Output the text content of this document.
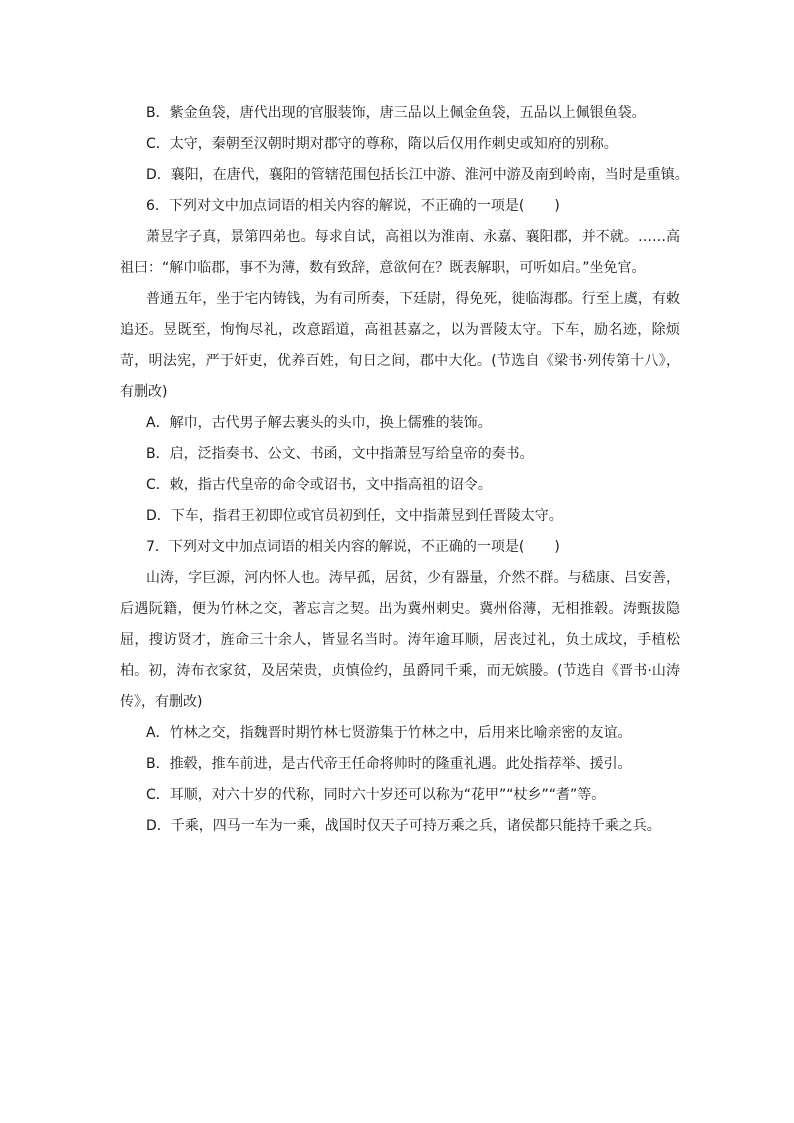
B．紫金鱼袋，唐代出现的官服装饰，唐三品以上佩金鱼袋，五品以上佩银鱼袋。
C．太守，秦朝至汉朝时期对郡守的尊称，隋以后仅用作刺史或知府的别称。
D．襄阳，在唐代，襄阳的管辖范围包括长江中游、淮河中游及南到岭南，当时是重镇。
6．下列对文中加点词语的相关内容的解说，不正确的一项是( )

萧昱字子真，景第四弟也。每求自试，高祖以为淮南、永嘉、襄阳郡，并不就。……高祖曰：“解巾临郡，事不为薄，数有致辞，意欲何在？既表解职，可听如启。”坐免官。

普通五年，坐于宅内铸钱，为有司所奏，下廷尉，得免死，徙临海郡。行至上虞，有敕追还。昱既至，恂恂尽礼，改意蹈道，高祖甚嘉之，以为晋陵太守。下车，励名迹，除烦苛，明法宪，严于奸吏，优养百姓，旬日之间，郡中大化。(节选自《梁书·列传第十八》，有删改)

A．解巾，古代男子解去裹头的头巾，换上儒雅的装饰。
B．启，泛指奏书、公文、书函，文中指萧昱写给皇帝的奏书。
C．敕，指古代皇帝的命令或诏书，文中指高祖的诏令。
D．下车，指君王初即位或官员初到任，文中指萧昱到任晋陵太守。
7．下列对文中加点词语的相关内容的解说，不正确的一项是( )

山涛，字巨源，河内怀人也。涛早孤，居贫，少有器量，介然不群。与嵇康、吕安善，后遇阮籍，便为竹林之交，著忘言之契。出为冀州刺史。冀州俗薄，无相推毂。涛甄拔隐屈，搜访贤才，旌命三十余人，皆显名当时。涛年逾耳顺，居丧过礼，负土成坟，手植松柏。初，涛布衣家贫，及居荣贵，贞慎俭约，虽爵同千乘，而无嫔媵。(节选自《晋书·山涛传》，有删改)

A．竹林之交，指魏晋时期竹林七贤游集于竹林之中，后用来比喻亲密的友谊。
B．推毂，推车前进，是古代帝王任命将帅时的隆重礼遇。此处指荐举、援引。
C．耳顺，对六十岁的代称，同时六十岁还可以称为“花甲”“杖乡”“耆”等。
D．千乘，四马一车为一乘，战国时仅天子可持万乘之兵，诸侯都只能持千乘之兵。
